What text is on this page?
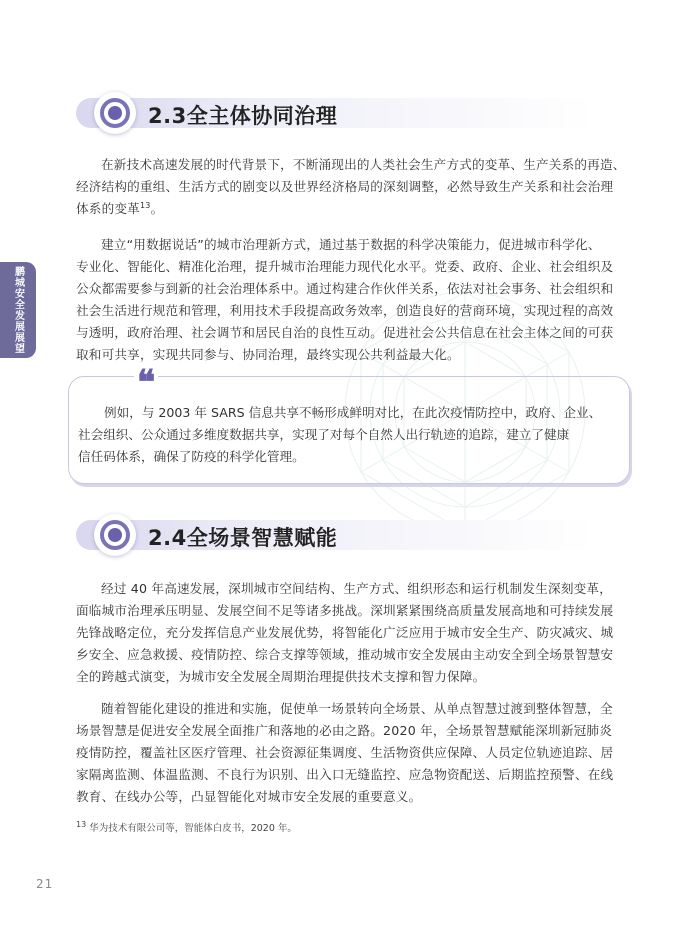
鹏城安全发展展望
2.3全主体协同治理
在新技术高速发展的时代背景下，不断涌现出的人类社会生产方式的变革、生产关系的再造、
经济结构的重组、生活方式的剧变以及世界经济格局的深刻调整，必然导致生产关系和社会治理
体系的变革$^{13}$。
建立“用数据说话”的城市治理新方式，通过基于数据的科学决策能力，促进城市科学化、
专业化、智能化、精准化治理，提升城市治理能力现代化水平。党委、政府、企业、社会组织及
公众都需要参与到新的社会治理体系中。通过构建合作伙伴关系，依法对社会事务、社会组织和
社会生活进行规范和管理，利用技术手段提高政务效率，创造良好的营商环境，实现过程的高效
与透明，政府治理、社会调节和居民自治的良性互动。促进社会公共信息在社会主体之间的可获
取和可共享，实现共同参与、协同治理，最终实现公共利益最大化。
❝
例如，与 2003 年 SARS 信息共享不畅形成鲜明对比，在此次疫情防控中，政府、企业、
社会组织、公众通过多维度数据共享，实现了对每个自然人出行轨迹的追踪，建立了健康
信任码体系，确保了防疫的科学化管理。
2.4全场景智慧赋能
经过 40 年高速发展，深圳城市空间结构、生产方式、组织形态和运行机制发生深刻变革，
面临城市治理承压明显、发展空间不足等诸多挑战。深圳紧紧围绕高质量发展高地和可持续发展
先锋战略定位，充分发挥信息产业发展优势，将智能化广泛应用于城市安全生产、防灾减灾、城
乡安全、应急救援、疫情防控、综合支撑等领域，推动城市安全发展由主动安全到全场景智慧安
全的跨越式演变，为城市安全发展全周期治理提供技术支撑和智力保障。
随着智能化建设的推进和实施，促使单一场景转向全场景、从单点智慧过渡到整体智慧，全
场景智慧是促进安全发展全面推广和落地的必由之路。2020 年，全场景智慧赋能深圳新冠肺炎
疫情防控，覆盖社区医疗管理、社会资源征集调度、生活物资供应保障、人员定位轨迹追踪、居
家隔离监测、体温监测、不良行为识别、出入口无缝监控、应急物资配送、后期监控预警、在线
教育、在线办公等，凸显智能化对城市安全发展的重要意义。
$^{13}$ 华为技术有限公司等，智能体白皮书，2020 年。
21
